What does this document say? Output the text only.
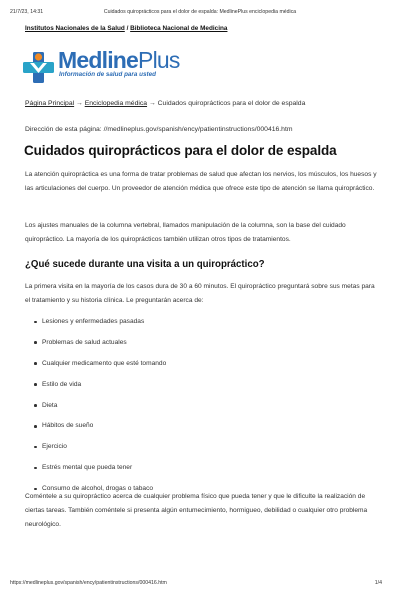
21/7/23, 14:31	Cuidados quiroprácticos para el dolor de espalda: MedlinePlus enciclopedia médica
Institutos Nacionales de la Salud / Biblioteca Nacional de Medicina
MedlinePlus
Información de salud para usted
Página Principal → Enciclopedia médica → Cuidados quiroprácticos para el dolor de espalda
Dirección de esta página: //medlineplus.gov/spanish/ency/patientinstructions/000416.htm
Cuidados quiroprácticos para el dolor de espalda

La atención quiropráctica es una forma de tratar problemas de salud que afectan los nervios, los músculos, los huesos y las articulaciones del cuerpo. Un proveedor de atención médica que ofrece este tipo de atención se llama quiropráctico.

Los ajustes manuales de la columna vertebral, llamados manipulación de la columna, son la base del cuidado quiropráctico. La mayoría de los quiroprácticos también utilizan otros tipos de tratamientos.

¿Qué sucede durante una visita a un quiropráctico?

La primera visita en la mayoría de los casos dura de 30 a 60 minutos. El quiropráctico preguntará sobre sus metas para el tratamiento y su historia clínica. Le preguntarán acerca de:

Lesiones y enfermedades pasadas
Problemas de salud actuales
Cualquier medicamento que esté tomando
Estilo de vida
Dieta
Hábitos de sueño
Ejercicio
Estrés mental que pueda tener
Consumo de alcohol, drogas o tabaco

Coméntele a su quiropráctico acerca de cualquier problema físico que pueda tener y que le dificulte la realización de ciertas tareas. También coméntele si presenta algún entumecimiento, hormigueo, debilidad o cualquier otro problema neurológico.

https://medlineplus.gov/spanish/ency/patientinstructions/000416.htm	1/4
